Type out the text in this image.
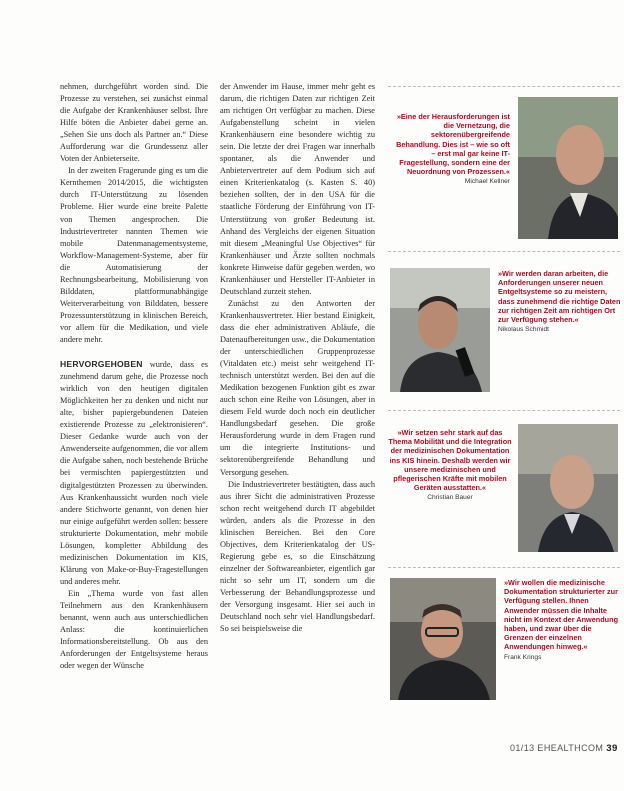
nehmen, durchgeführt worden sind. Die Prozesse zu verstehen, sei zunächst einmal die Aufgabe der Krankenhäuser selbst. Ihre Hilfe böten die Anbieter dabei gerne an. „Sehen Sie uns doch als Partner an.“ Diese Aufforderung war die Grundessenz aller Voten der Anbieterseite.

In der zweiten Fragerunde ging es um die Kernthemen 2014/2015, die wichtigsten durch IT-Unterstützung zu lösenden Probleme. Hier wurde eine breite Palette von Themen angesprochen. Die Industrievertreter nannten Themen wie mobile Datenmanagementsysteme, Workflow-Management-Systeme, aber für die Automatisierung der Rechnungsbearbeitung, Mobilisierung von Bilddaten, plattformunabhängige Weiterverarbeitung von Bilddaten, bessere Prozessunterstützung in klinischen Bereich, vor allem für die Medikation, und viele andere mehr.

HERVORGEHOBEN wurde, dass es zunehmend darum gehe, die Prozesse noch wirklich von den heutigen digitalen Möglichkeiten her zu denken und nicht nur alte, bisher papiergebundenen Dateien existierende Prozesse zu „elektronisieren“. Dieser Gedanke wurde auch von der Anwenderseite aufgenommen, die vor allem die Aufgabe sahen, noch bestehende Brüche bei vermischten papiergestützten und digitalgestützten Prozessen zu überwinden. Aus Krankenhaussicht wurden noch viele andere Stichworte genannt, von denen hier nur einige aufgeführt werden sollen: bessere strukturierte Dokumentation, mehr mobile Lösungen, kompletter Abbildung des medizinischen Dokumentation im KIS, Klärung von Make-or-Buy-Fragestellungen und anderes mehr.

Ein „Thema wurde von fast allen Teilnehmern aus den Krankenhäusern benannt, wenn auch aus unterschiedlichen Anlass: die kontinuierlichen Informationsbereitstellung. Ob aus den Anforderungen der Entgeltsysteme heraus oder wegen der Wünsche

der Anwender im Hause, immer mehr geht es darum, die richtigen Daten zur richtigen Zeit am richtigen Ort verfügbar zu machen. Diese Aufgabenstellung scheint in vielen Krankenhäusern eine besondere wichtig zu sein. Die letzte der drei Fragen war innerhalb spontaner, als die Anwender und Anbietervertreter auf dem Podium sich auf einen Kriterienkatalog (s. Kasten S. 40) beziehen sollten, der in den USA für die staatliche Förderung der Einführung von IT-Unterstützung von großer Bedeutung ist. Anhand des Vergleichs der eigenen Situation mit diesem „Meaningful Use Objectives“ für Krankenhäuser und Ärzte sollten nochmals konkrete Hinweise dafür gegeben werden, wo Krankenhäuser und Hersteller IT-Anbieter in Deutschland zurzeit stehen.

Zunächst zu den Antworten der Krankenhausvertreter. Hier bestand Einigkeit, dass die eher administrativen Abläufe, die Datenaufbereitungen usw., die Dokumentation der unterschiedlichen Gruppenprozesse (Vitaldaten etc.) meist sehr weitgehend IT-technisch unterstützt werden. Bei den auf die Medikation bezogenen Funktion gibt es zwar auch schon eine Reihe von Lösungen, aber in diesem Feld wurde doch noch ein deutlicher Handlungsbedarf gesehen. Die große Herausforderung wurde in dem Fragen rund um die integrierte Institutions- und sektorenübergreifende Behandlung und Versorgung gesehen.

Die Industrievertreter bestätigten, dass auch aus ihrer Sicht die administrativen Prozesse schon recht weitgehend durch IT abgebildet würden, anders als die Prozesse in den klinischen Bereichen. Bei den Core Objectives, dem Kriterienkatalog der US-Regierung gebe es, so die Einschätzung einzelner der Softwareanbieter, eigentlich gar nicht so sehr um IT, sondern um die Verbesserung der Behandlungsprozesse und der Versorgung insgesamt. Hier sei auch in Deutschland noch sehr viel Handlungsbedarf. So sei beispielsweise die

»Eine der Herausforderungen ist die Vernetzung, die sektorenübergreifende Behandlung. Dies ist – wie so oft – erst mal gar keine IT-Fragestellung, sondern eine der Neuordnung von Prozessen.«
Michael Kellner
»Wir werden daran arbeiten, die Anforderungen unserer neuen Entgeltsysteme so zu meistern, dass zunehmend die richtige Daten zur richtigen Zeit am richtigen Ort zur Verfügung stehen.«
Nikolaus Schmidt
»Wir setzen sehr stark auf das Thema Mobilität und die Integration der medizinischen Dokumentation ins KIS hinein. Deshalb werden wir unsere medizinischen und pflegerischen Kräfte mit mobilen Geräten ausstatten.«
Christian Bauer
»Wir wollen die medizinische Dokumentation strukturierter zur Verfügung stellen. Ihnen Anwender müssen die Inhalte nicht im Kontext der Anwendung haben, und zwar über die Grenzen der einzelnen Anwendungen hinweg.«
Frank Krings
01/13 EHEALTHCOM 39
